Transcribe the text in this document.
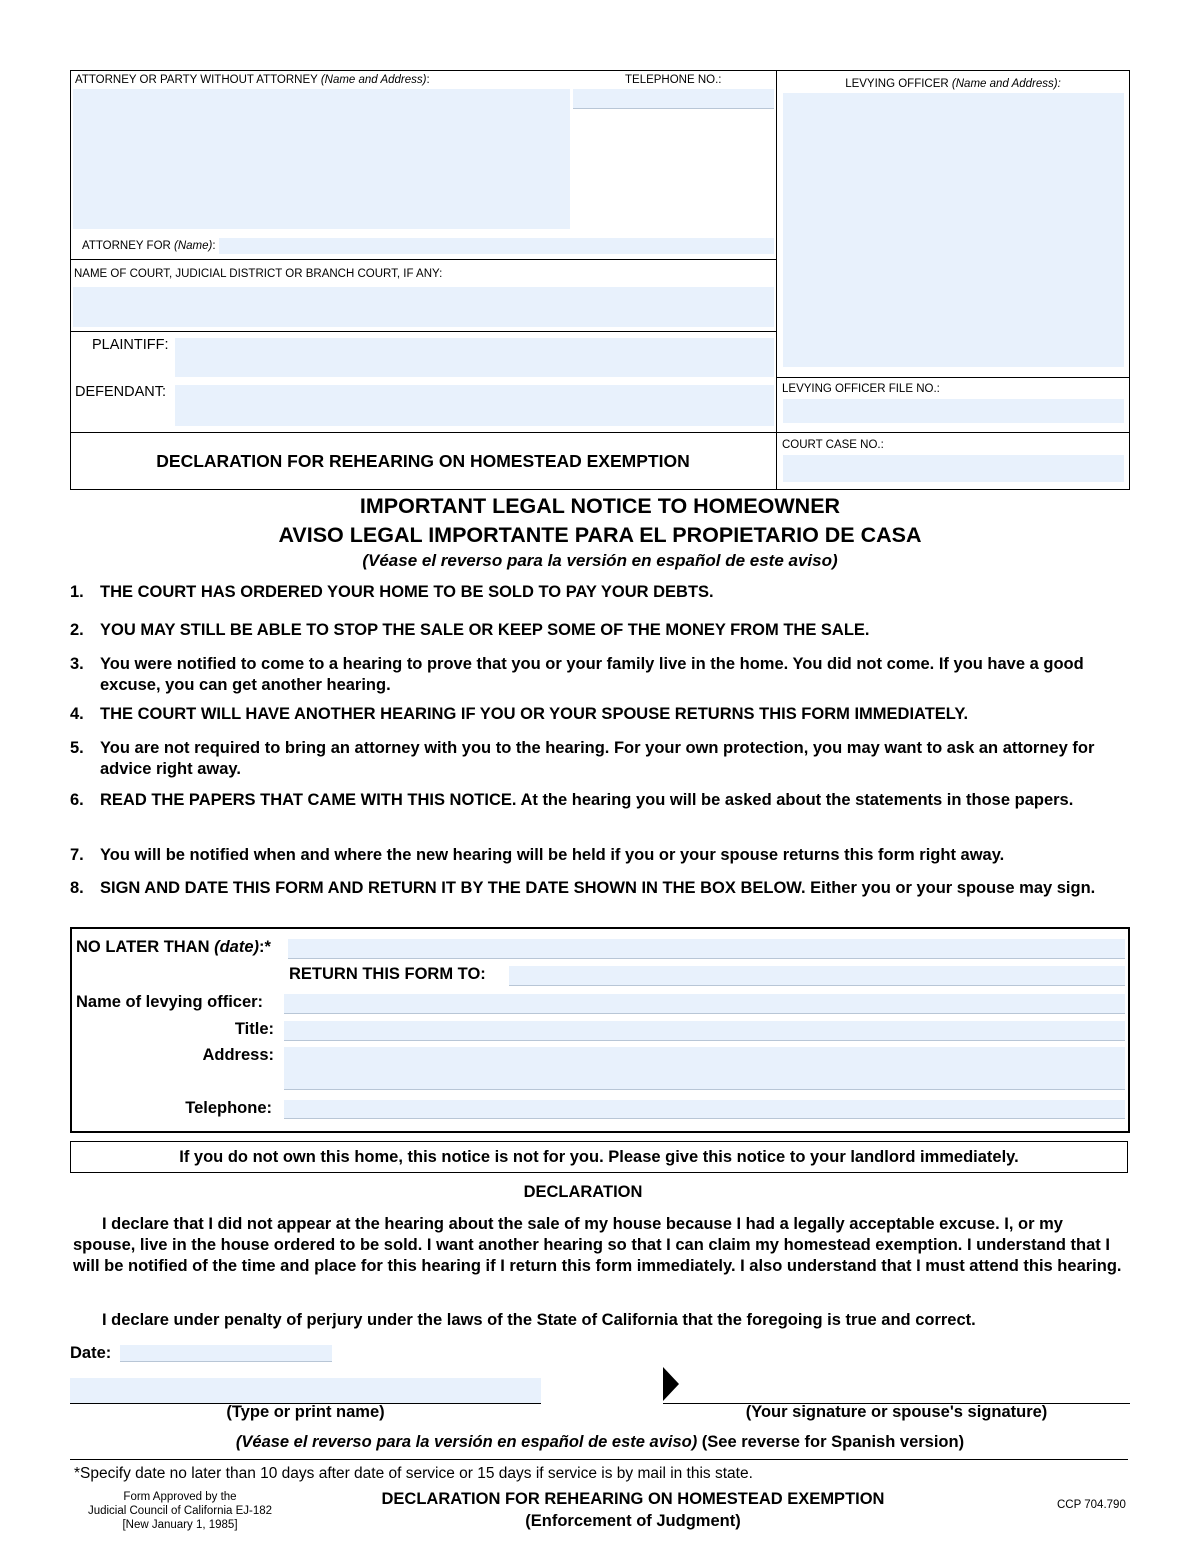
ATTORNEY OR PARTY WITHOUT ATTORNEY (Name and Address):	TELEPHONE NO.:	LEVYING OFFICER (Name and Address):
ATTORNEY FOR (Name):
NAME OF COURT, JUDICIAL DISTRICT OR BRANCH COURT, IF ANY:
PLAINTIFF:
DEFENDANT:	LEVYING OFFICER FILE NO.:
COURT CASE NO.:
DECLARATION FOR REHEARING ON HOMESTEAD EXEMPTION
IMPORTANT LEGAL NOTICE TO HOMEOWNER
AVISO LEGAL IMPORTANTE PARA EL PROPIETARIO DE CASA
(Véase el reverso para la versión en español de este aviso)
1. THE COURT HAS ORDERED YOUR HOME TO BE SOLD TO PAY YOUR DEBTS.
2. YOU MAY STILL BE ABLE TO STOP THE SALE OR KEEP SOME OF THE MONEY FROM THE SALE.
3. You were notified to come to a hearing to prove that you or your family live in the home. You did not come. If you have a good excuse, you can get another hearing.
4. THE COURT WILL HAVE ANOTHER HEARING IF YOU OR YOUR SPOUSE RETURNS THIS FORM IMMEDIATELY.
5. You are not required to bring an attorney with you to the hearing. For your own protection, you may want to ask an attorney for advice right away.
6. READ THE PAPERS THAT CAME WITH THIS NOTICE. At the hearing you will be asked about the statements in those papers.
7. You will be notified when and where the new hearing will be held if you or your spouse returns this form right away.
8. SIGN AND DATE THIS FORM AND RETURN IT BY THE DATE SHOWN IN THE BOX BELOW. Either you or your spouse may sign.
NO LATER THAN (date):*
RETURN THIS FORM TO:
Name of levying officer:
Title:
Address:
Telephone:
If you do not own this home, this notice is not for you. Please give this notice to your landlord immediately.
DECLARATION
I declare that I did not appear at the hearing about the sale of my house because I had a legally acceptable excuse. I, or my spouse, live in the house ordered to be sold. I want another hearing so that I can claim my homestead exemption. I understand that I will be notified of the time and place for this hearing if I return this form immediately. I also understand that I must attend this hearing.
I declare under penalty of perjury under the laws of the State of California that the foregoing is true and correct.
Date:
(Type or print name)	(Your signature or spouse's signature)
(Véase el reverso para la versión en español de este aviso) (See reverse for Spanish version)
*Specify date no later than 10 days after date of service or 15 days if service is by mail in this state.
Form Approved by the
Judicial Council of California EJ-182
[New January 1, 1985]
DECLARATION FOR REHEARING ON HOMESTEAD EXEMPTION
(Enforcement of Judgment)
CCP 704.790
